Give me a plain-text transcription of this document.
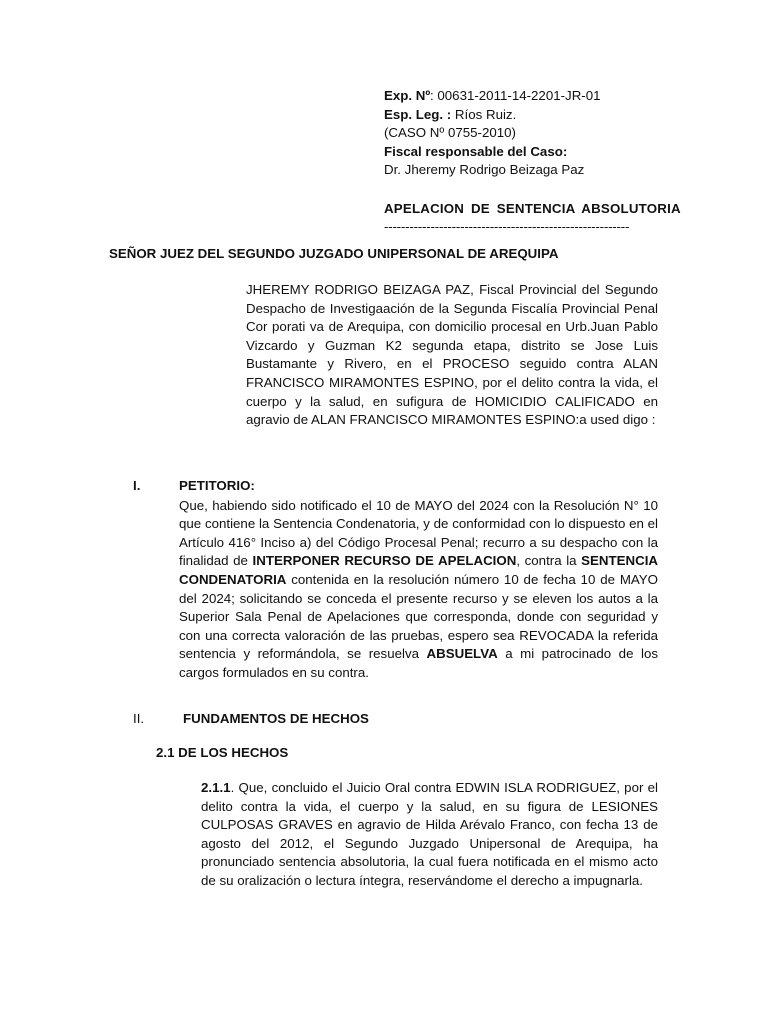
Exp. Nº: 00631-2011-14-2201-JR-01
Esp. Leg. : Ríos Ruiz.
(CASO Nº 0755-2010)
Fiscal responsable del Caso:
Dr. Jheremy Rodrigo Beizaga Paz
APELACION DE SENTENCIA ABSOLUTORIA
----------------------------------------------------------
SEÑOR JUEZ DEL SEGUNDO JUZGADO UNIPERSONAL DE AREQUIPA
JHEREMY RODRIGO BEIZAGA PAZ, Fiscal Provincial del Segundo Despacho de Investigaación de la Segunda Fiscalía Provincial Penal Cor porati va de Arequipa, con domicilio procesal en Urb.Juan Pablo Vizcardo y Guzman K2 segunda etapa, distrito se Jose Luis Bustamante y Rivero, en el PROCESO seguido contra ALAN FRANCISCO MIRAMONTES ESPINO, por el delito contra la vida, el cuerpo y la salud, en sufigura de HOMICIDIO CALIFICADO en agravio de ALAN FRANCISCO MIRAMONTES ESPINO:a used digo :
I.	PETITORIO:
Que, habiendo sido notificado el 10 de MAYO del 2024 con la Resolución N° 10 que contiene la Sentencia Condenatoria, y de conformidad con lo dispuesto en el Artículo 416° Inciso a) del Código Procesal Penal; recurro a su despacho con la finalidad de INTERPONER RECURSO DE APELACION, contra la SENTENCIA CONDENATORIA contenida en la resolución número 10 de fecha 10 de MAYO del 2024; solicitando se conceda el presente recurso y se eleven los autos a la Superior Sala Penal de Apelaciones que corresponda, donde con seguridad y con una correcta valoración de las pruebas, espero sea REVOCADA la referida sentencia y reformándola, se resuelva ABSUELVA a mi patrocinado de los cargos formulados en su contra.
II.	FUNDAMENTOS DE HECHOS
2.1 DE LOS HECHOS
2.1.1. Que, concluido el Juicio Oral contra EDWIN ISLA RODRIGUEZ, por el delito contra la vida, el cuerpo y la salud, en su figura de LESIONES CULPOSAS GRAVES en agravio de Hilda Arévalo Franco, con fecha 13 de agosto del 2012, el Segundo Juzgado Unipersonal de Arequipa, ha pronunciado sentencia absolutoria, la cual fuera notificada en el mismo acto de su oralización o lectura íntegra, reservándome el derecho a impugnarla.
